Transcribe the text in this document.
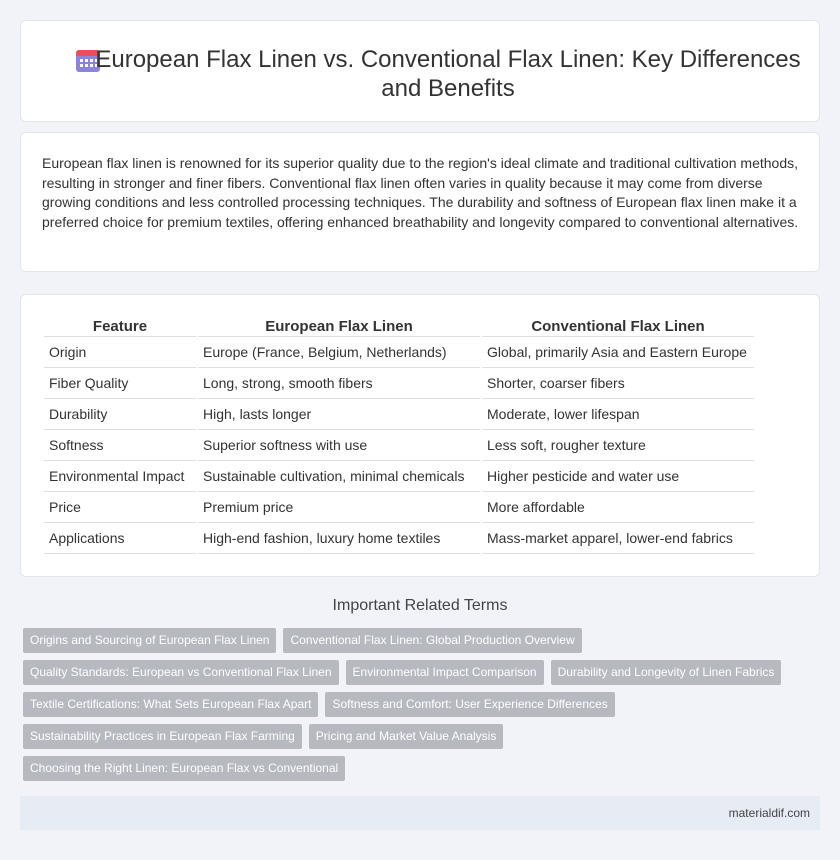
European Flax Linen vs. Conventional Flax Linen: Key Differences and Benefits

European flax linen is renowned for its superior quality due to the region's ideal climate and traditional cultivation methods, resulting in stronger and finer fibers. Conventional flax linen often varies in quality because it may come from diverse growing conditions and less controlled processing techniques. The durability and softness of European flax linen make it a preferred choice for premium textiles, offering enhanced breathability and longevity compared to conventional alternatives.

Feature	European Flax Linen	Conventional Flax Linen
Origin	Europe (France, Belgium, Netherlands)	Global, primarily Asia and Eastern Europe
Fiber Quality	Long, strong, smooth fibers	Shorter, coarser fibers
Durability	High, lasts longer	Moderate, lower lifespan
Softness	Superior softness with use	Less soft, rougher texture
Environmental Impact	Sustainable cultivation, minimal chemicals	Higher pesticide and water use
Price	Premium price	More affordable
Applications	High-end fashion, luxury home textiles	Mass-market apparel, lower-end fabrics
Important Related Terms
Origins and Sourcing of European Flax Linen	Conventional Flax Linen: Global Production Overview
Quality Standards: European vs Conventional Flax Linen	Environmental Impact Comparison	Durability and Longevity of Linen Fabrics
Textile Certifications: What Sets European Flax Apart	Softness and Comfort: User Experience Differences
Sustainability Practices in European Flax Farming	Pricing and Market Value Analysis
Choosing the Right Linen: European Flax vs Conventional
materialdif.com
